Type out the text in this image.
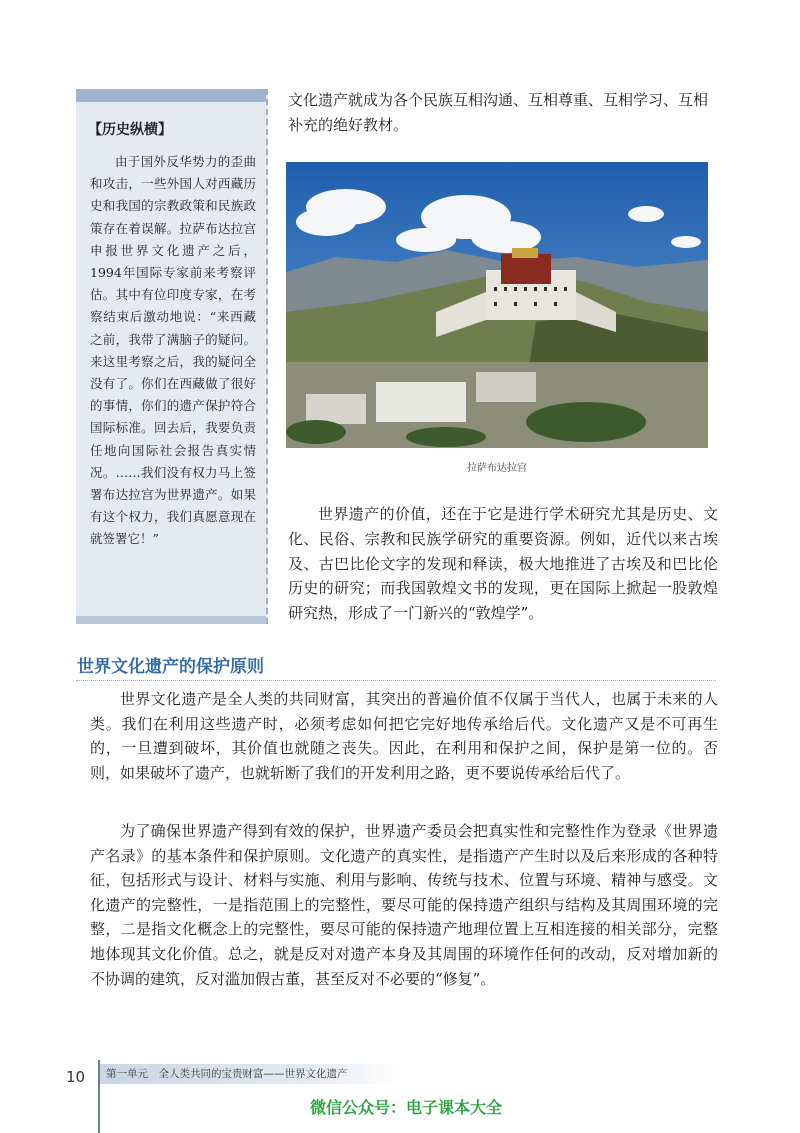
【历史纵横】
由于国外反华势力的歪曲和攻击，一些外国人对西藏历史和我国的宗教政策和民族政策存在着误解。拉萨布达拉宫申报世界文化遗产之后，1994年国际专家前来考察评估。其中有位印度专家，在考察结束后激动地说：“来西藏之前，我带了满脑子的疑问。来这里考察之后，我的疑问全没有了。你们在西藏做了很好的事情，你们的遗产保护符合国际标准。回去后，我要负责任地向国际社会报告真实情况。……我们没有权力马上签署布达拉宫为世界遗产。如果有这个权力，我们真愿意现在就签署它！”
文化遗产就成为各个民族互相沟通、互相尊重、互相学习、互相补充的绝好教材。
拉萨布达拉宫
世界遗产的价值，还在于它是进行学术研究尤其是历史、文化、民俗、宗教和民族学研究的重要资源。例如，近代以来古埃及、古巴比伦文字的发现和释读，极大地推进了古埃及和巴比伦历史的研究；而我国敦煌文书的发现，更在国际上掀起一股敦煌研究热，形成了一门新兴的“敦煌学”。
世界文化遗产的保护原则
世界文化遗产是全人类的共同财富，其突出的普遍价值不仅属于当代人，也属于未来的人类。我们在利用这些遗产时，必须考虑如何把它完好地传承给后代。文化遗产又是不可再生的，一旦遭到破坏，其价值也就随之丧失。因此，在利用和保护之间，保护是第一位的。否则，如果破坏了遗产，也就斩断了我们的开发利用之路，更不要说传承给后代了。
为了确保世界遗产得到有效的保护，世界遗产委员会把真实性和完整性作为登录《世界遗产名录》的基本条件和保护原则。文化遗产的真实性，是指遗产产生时以及后来形成的各种特征，包括形式与设计、材料与实施、利用与影响、传统与技术、位置与环境、精神与感受。文化遗产的完整性，一是指范围上的完整性，要尽可能的保持遗产组织与结构及其周围环境的完整，二是指文化概念上的完整性，要尽可能的保持遗产地理位置上互相连接的相关部分，完整地体现其文化价值。总之，就是反对对遗产本身及其周围的环境作任何的改动，反对增加新的不协调的建筑，反对滥加假古董，甚至反对不必要的“修复”。
10 第一单元　全人类共同的宝贵财富——世界文化遗产
微信公众号：电子课本大全
